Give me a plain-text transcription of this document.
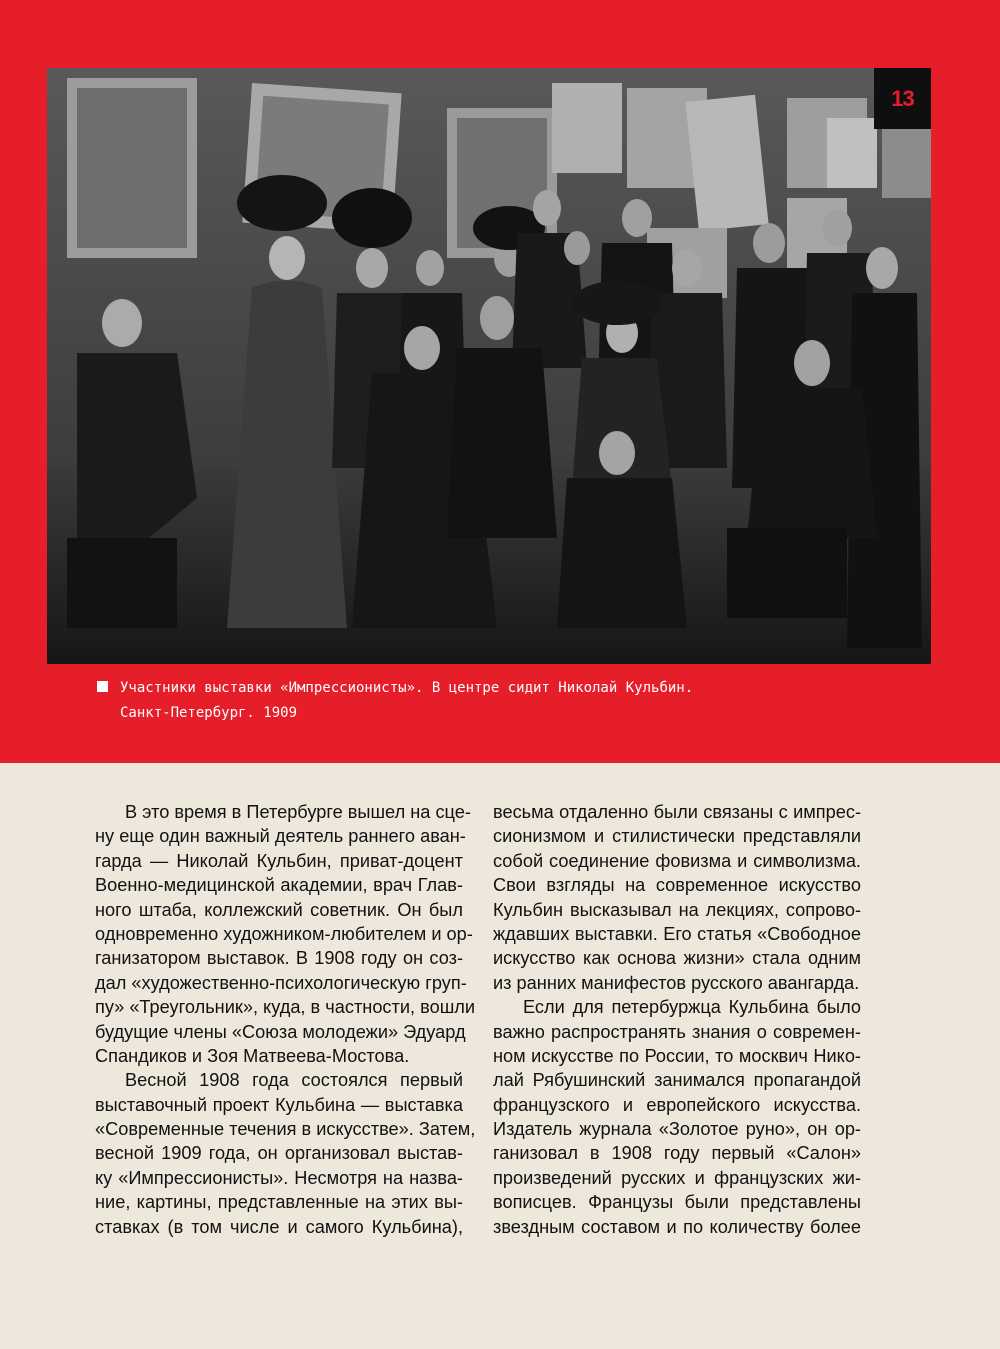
13
Участники выставки «Импрессионисты». В центре сидит Николай Кульбин.
Санкт-Петербург. 1909
В это время в Петербурге вышел на сце-
ну еще один важный деятель раннего аван-
гарда — Николай Кульбин, приват-доцент
Военно-медицинской академии, врач Глав-
ного штаба, коллежский советник. Он был
одновременно художником-любителем и ор-
ганизатором выставок. В 1908 году он соз-
дал «художественно-психологическую груп-
пу» «Треугольник», куда, в частности, вошли
будущие члены «Союза молодежи» Эдуард
Спандиков и Зоя Матвеева-Мостова.
Весной 1908 года состоялся первый
выставочный проект Кульбина — выставка
«Современные течения в искусстве». Затем,
весной 1909 года, он организовал выстав-
ку «Импрессионисты». Несмотря на назва-
ние, картины, представленные на этих вы-
ставках (в том числе и самого Кульбина),
весьма отдаленно были связаны с импрес-
сионизмом и стилистически представляли
собой соединение фовизма и символизма.
Свои взгляды на современное искусство
Кульбин высказывал на лекциях, сопрово-
ждавших выставки. Его статья «Свободное
искусство как основа жизни» стала одним
из ранних манифестов русского авангарда.
Если для петербуржца Кульбина было
важно распространять знания о современ-
ном искусстве по России, то москвич Нико-
лай Рябушинский занимался пропагандой
французского и европейского искусства.
Издатель журнала «Золотое руно», он ор-
ганизовал в 1908 году первый «Салон»
произведений русских и французских жи-
вописцев. Французы были представлены
звездным составом и по количеству более
